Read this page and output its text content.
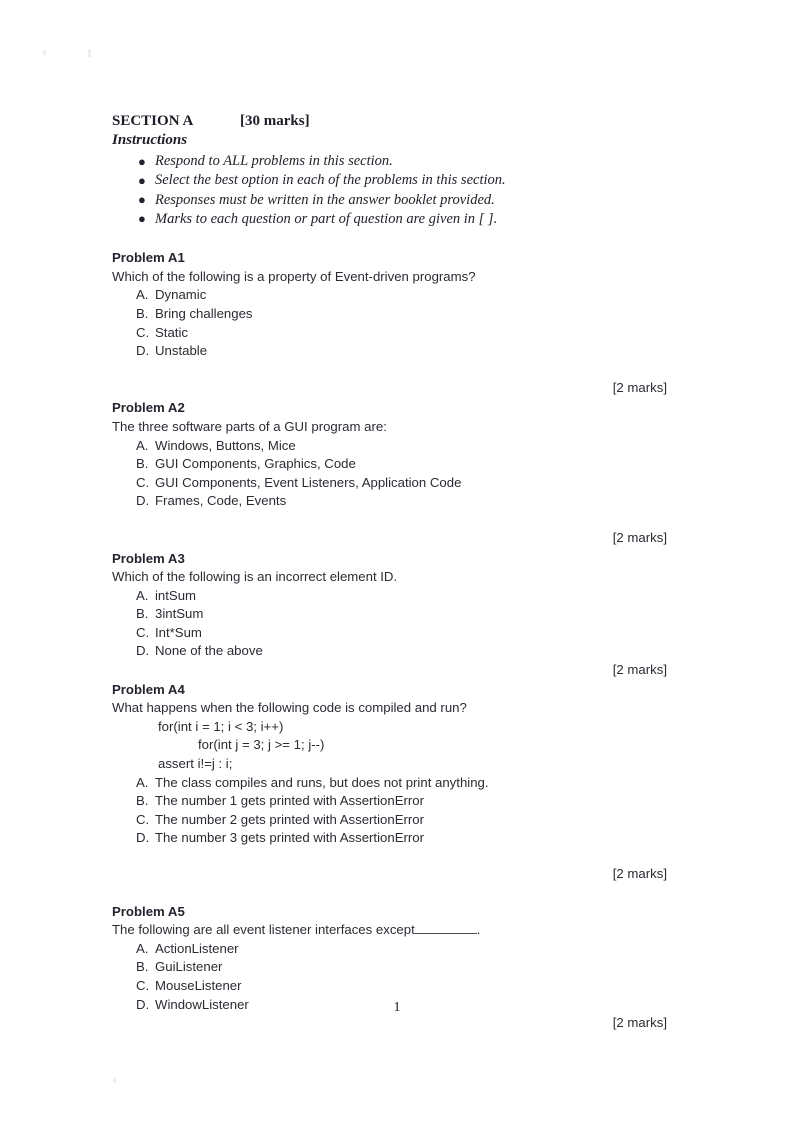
SECTION A	[30 marks]
Instructions
● Respond to ALL problems in this section.
● Select the best option in each of the problems in this section.
● Responses must be written in the answer booklet provided.
● Marks to each question or part of question are given in [ ].
Problem A1
Which of the following is a property of Event-driven programs?
A. Dynamic
B. Bring challenges
C. Static
D. Unstable
[2 marks]
Problem A2
The three software parts of a GUI program are:
A. Windows, Buttons, Mice
B. GUI Components, Graphics, Code
C. GUI Components, Event Listeners, Application Code
D. Frames, Code, Events
[2 marks]
Problem A3
Which of the following is an incorrect element ID.
A. intSum
B. 3intSum
C. Int*Sum
D. None of the above
[2 marks]
Problem A4
What happens when the following code is compiled and run?
for(int i = 1; i < 3; i++)
for(int j = 3; j >= 1; j--)
assert i!=j : i;
A. The class compiles and runs, but does not print anything.
B. The number 1 gets printed with AssertionError
C. The number 2 gets printed with AssertionError
D. The number 3 gets printed with AssertionError
[2 marks]
Problem A5
The following are all event listener interfaces except	.
A. ActionListener
B. GuiListener
C. MouseListener
D. WindowListener
[2 marks]
1
